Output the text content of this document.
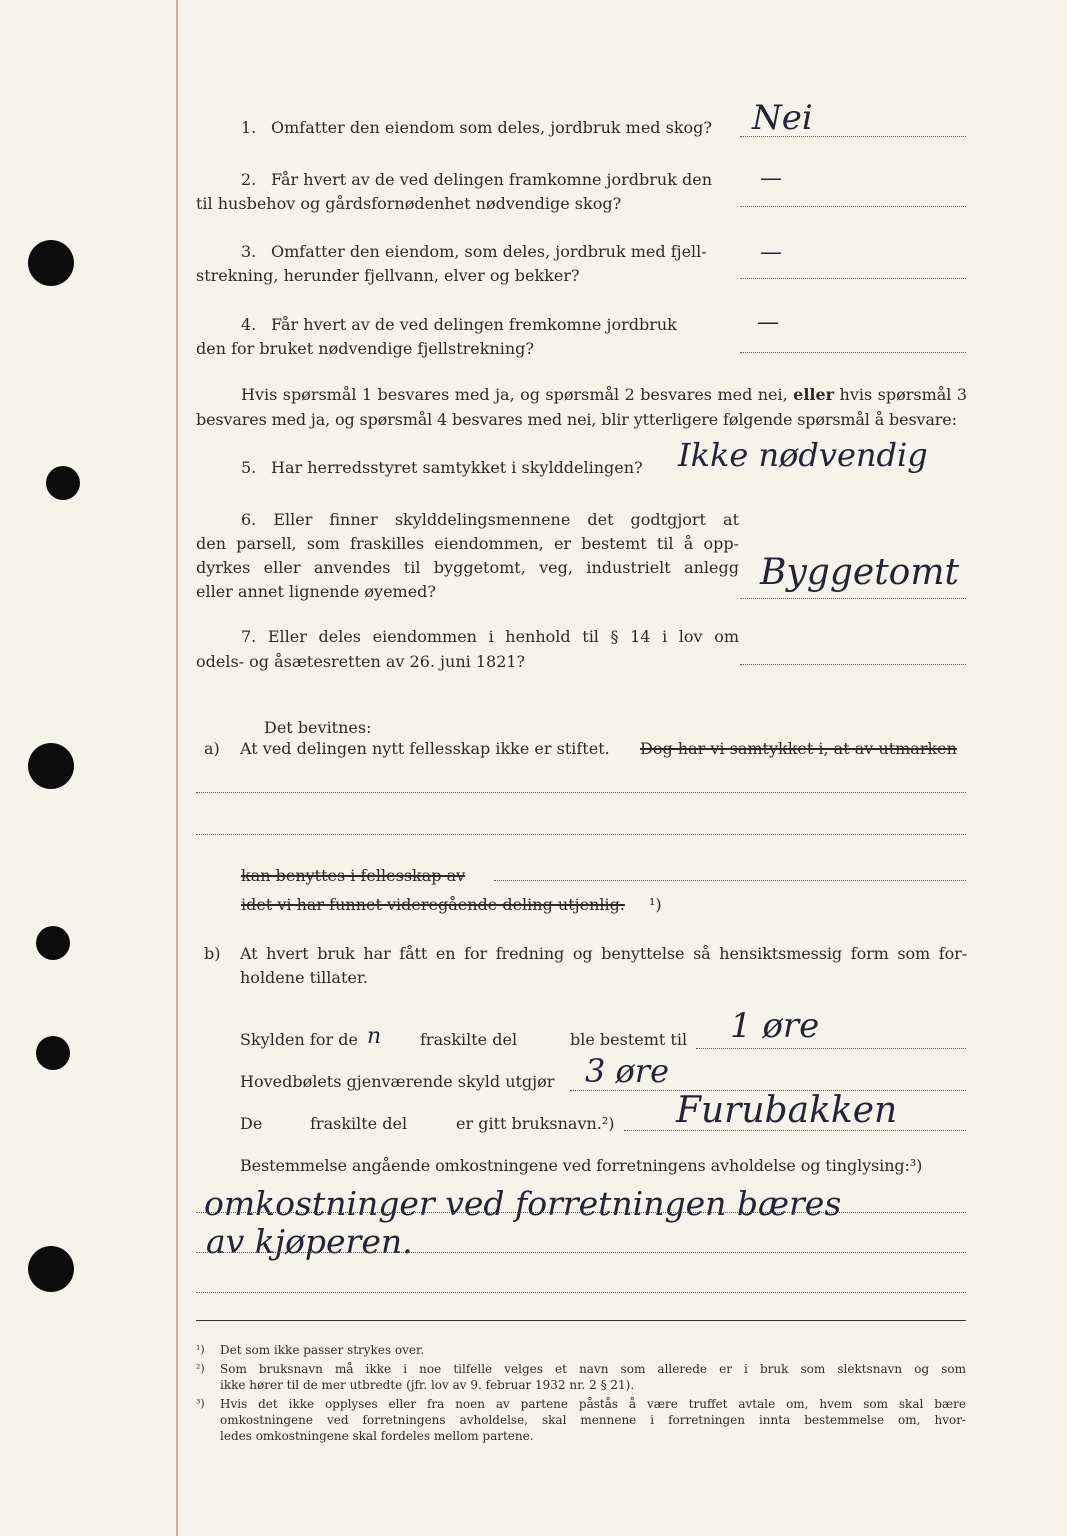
1. Omfatter den eiendom som deles, jordbruk med skog? Nei
2. Får hvert av de ved delingen framkomne jordbruk den
til husbehov og gårdsfornødenhet nødvendige skog?
—
3. Omfatter den eiendom, som deles, jordbruk med fjell-
strekning, herunder fjellvann, elver og bekker?
—
4. Får hvert av de ved delingen fremkomne jordbruk
den for bruket nødvendige fjellstrekning?
—
Hvis spørsmål 1 besvares med ja, og spørsmål 2 besvares med nei, eller hvis spørsmål 3
besvares med ja, og spørsmål 4 besvares med nei, blir ytterligere følgende spørsmål å besvare:
5. Har herredsstyret samtykket i skylddelingen? Ikke nødvendig
6. Eller finner skylddelingsmennene det godtgjort at
den parsell, som fraskilles eiendommen, er bestemt til å opp-
dyrkes eller anvendes til byggetomt, veg, industrielt anlegg
eller annet lignende øyemed?	Byggetomt
7. Eller deles eiendommen i henhold til § 14 i lov om
odels- og åsætesretten av 26. juni 1821?
Det bevitnes:
a) At ved delingen nytt fellesskap ikke er stiftet. Dog har vi samtykket i, at av utmarken
kan benyttes i fellesskap av
idet vi har funnet videregående deling utjenlig. ¹)
b) At hvert bruk har fått en for fredning og benyttelse så hensiktsmessig form som for-
holdene tillater.
Skylden for de n fraskilte del	ble bestemt til 1 øre
Hovedbølets gjenværende skyld utgjør 3 øre
De	fraskilte del	er gitt bruksnavn.²) Furubakken
Bestemmelse angående omkostningene ved forretningens avholdelse og tinglysing:³)
omkostninger ved forretningen bæres
av kjøperen.
¹) Det som ikke passer strykes over.
²) Som bruksnavn må ikke i noe tilfelle velges et navn som allerede er i bruk som slektsnavn og som
ikke hører til de mer utbredte (jfr. lov av 9. februar 1932 nr. 2 § 21).
³) Hvis det ikke opplyses eller fra noen av partene påstås å være truffet avtale om, hvem som skal bære
omkostningene ved forretningens avholdelse, skal mennene i forretningen innta bestemmelse om, hvor-
ledes omkostningene skal fordeles mellom partene.
